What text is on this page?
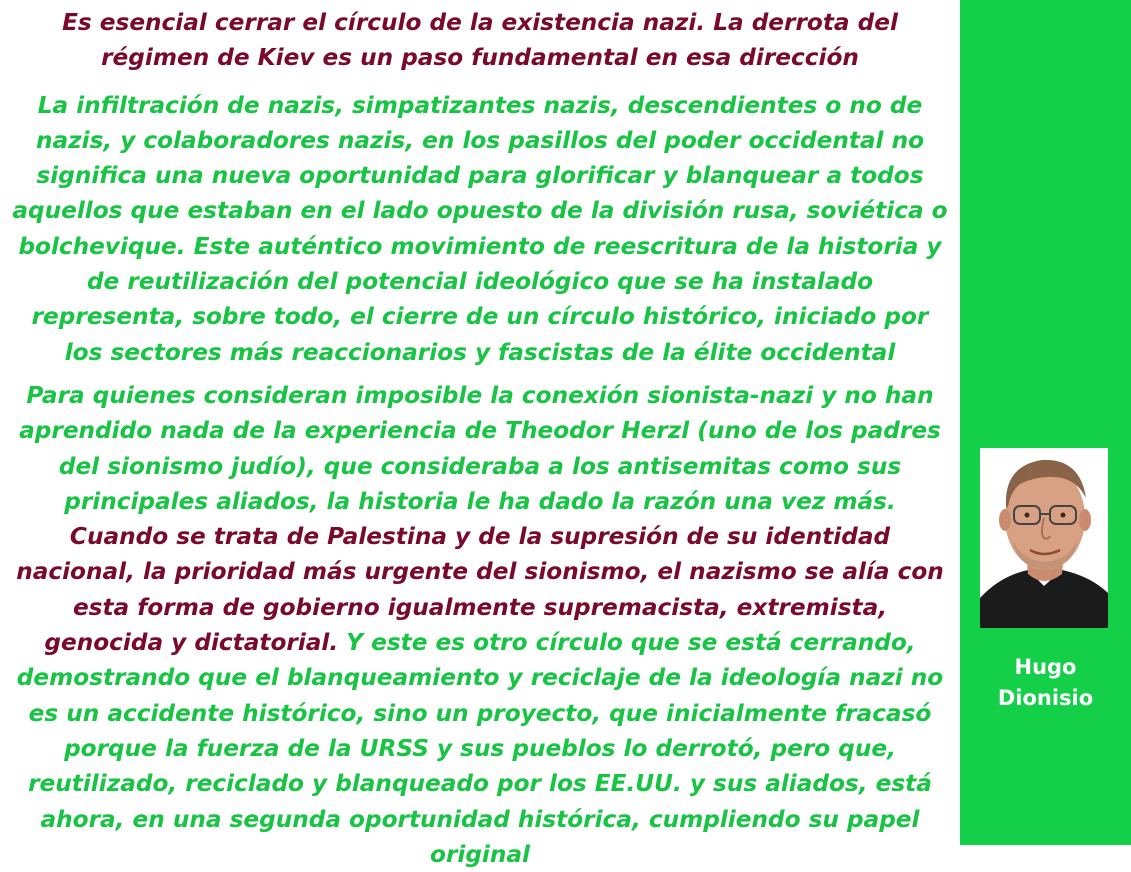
Es esencial cerrar el círculo de la existencia nazi. La derrota del régimen de Kiev es un paso fundamental en esa dirección

La infiltración de nazis, simpatizantes nazis, descendientes o no de nazis, y colaboradores nazis, en los pasillos del poder occidental no significa una nueva oportunidad para glorificar y blanquear a todos aquellos que estaban en el lado opuesto de la división rusa, soviética o bolchevique. Este auténtico movimiento de reescritura de la historia y de reutilización del potencial ideológico que se ha instalado representa, sobre todo, el cierre de un círculo histórico, iniciado por los sectores más reaccionarios y fascistas de la élite occidental

Para quienes consideran imposible la conexión sionista-nazi y no han aprendido nada de la experiencia de Theodor Herzl (uno de los padres del sionismo judío), que consideraba a los antisemitas como sus principales aliados, la historia le ha dado la razón una vez más. Cuando se trata de Palestina y de la supresión de su identidad nacional, la prioridad más urgente del sionismo, el nazismo se alía con esta forma de gobierno igualmente supremacista, extremista, genocida y dictatorial. Y este es otro círculo que se está cerrando, demostrando que el blanqueamiento y reciclaje de la ideología nazi no es un accidente histórico, sino un proyecto, que inicialmente fracasó porque la fuerza de la URSS y sus pueblos lo derrotó, pero que, reutilizado, reciclado y blanqueado por los EE.UU. y sus aliados, está ahora, en una segunda oportunidad histórica, cumpliendo su papel original

Hugo
Dionisio
